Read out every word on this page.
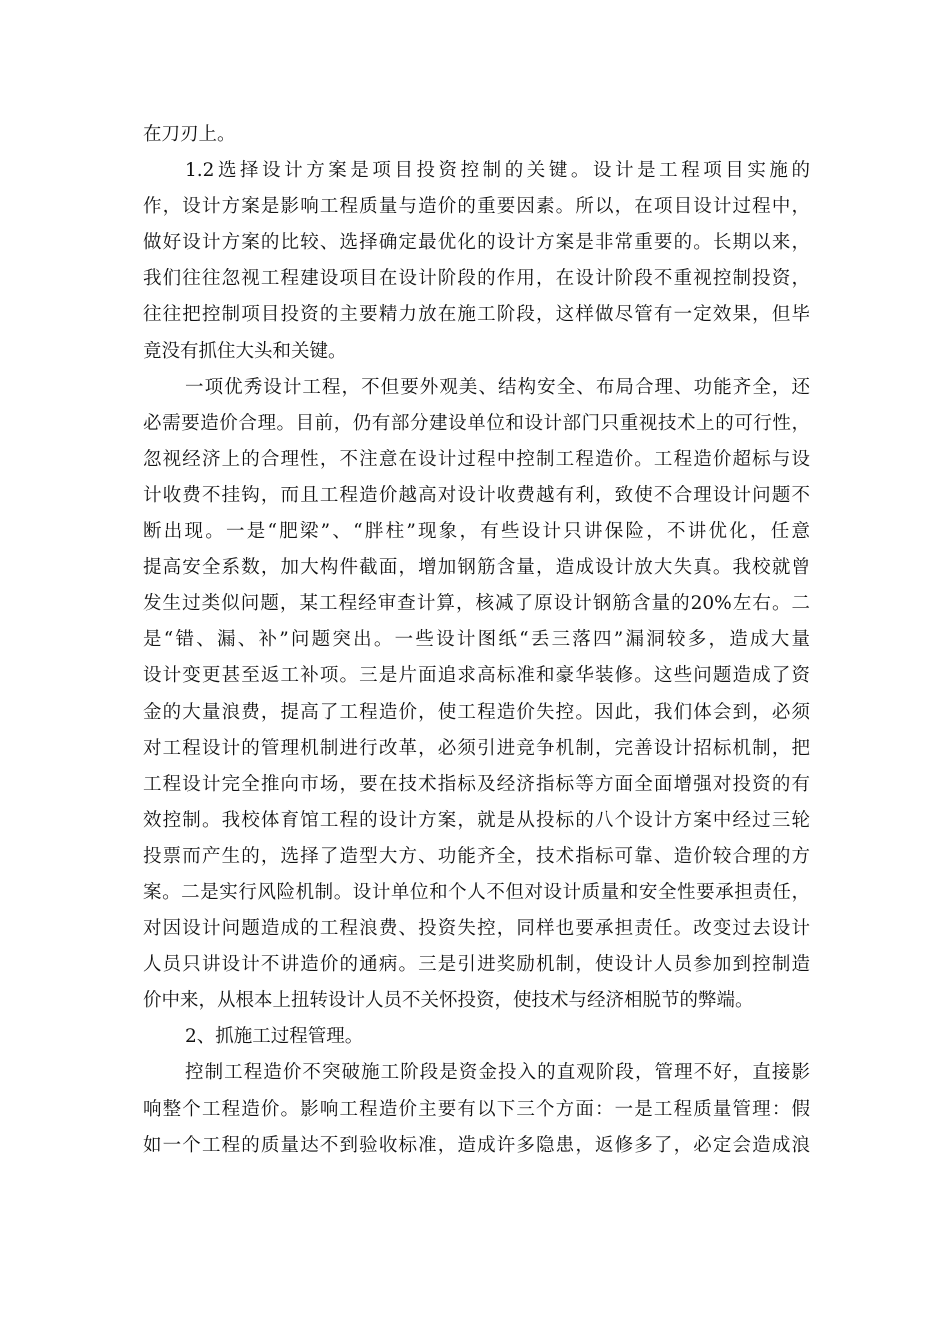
在刀刃上。
1.2选择设计方案是项目投资控制的关键。设计是工程项目实施的
作，设计方案是影响工程质量与造价的重要因素。所以，在项目设计过程中，
做好设计方案的比较、选择确定最优化的设计方案是非常重要的。长期以来，
我们往往忽视工程建设项目在设计阶段的作用，在设计阶段不重视控制投资，
往往把控制项目投资的主要精力放在施工阶段，这样做尽管有一定效果，但毕
竟没有抓住大头和关键。
一项优秀设计工程，不但要外观美、结构安全、布局合理、功能齐全，还
必需要造价合理。目前，仍有部分建设单位和设计部门只重视技术上的可行性，
忽视经济上的合理性，不注意在设计过程中控制工程造价。工程造价超标与设
计收费不挂钩，而且工程造价越高对设计收费越有利，致使不合理设计问题不
断出现。一是“肥梁”、“胖柱”现象，有些设计只讲保险，不讲优化，任意
提高安全系数，加大构件截面，增加钢筋含量，造成设计放大失真。我校就曾
发生过类似问题，某工程经审查计算，核减了原设计钢筋含量的20%左右。二
是“错、漏、补”问题突出。一些设计图纸“丢三落四”漏洞较多，造成大量
设计变更甚至返工补项。三是片面追求高标准和豪华装修。这些问题造成了资
金的大量浪费，提高了工程造价，使工程造价失控。因此，我们体会到，必须
对工程设计的管理机制进行改革，必须引进竞争机制，完善设计招标机制，把
工程设计完全推向市场，要在技术指标及经济指标等方面全面增强对投资的有
效控制。我校体育馆工程的设计方案，就是从投标的八个设计方案中经过三轮
投票而产生的，选择了造型大方、功能齐全，技术指标可靠、造价较合理的方
案。二是实行风险机制。设计单位和个人不但对设计质量和安全性要承担责任，
对因设计问题造成的工程浪费、投资失控，同样也要承担责任。改变过去设计
人员只讲设计不讲造价的通病。三是引进奖励机制，使设计人员参加到控制造
价中来，从根本上扭转设计人员不关怀投资，使技术与经济相脱节的弊端。
2、抓施工过程管理。
控制工程造价不突破施工阶段是资金投入的直观阶段，管理不好，直接影
响整个工程造价。影响工程造价主要有以下三个方面：一是工程质量管理：假
如一个工程的质量达不到验收标准，造成许多隐患，返修多了，必定会造成浪
